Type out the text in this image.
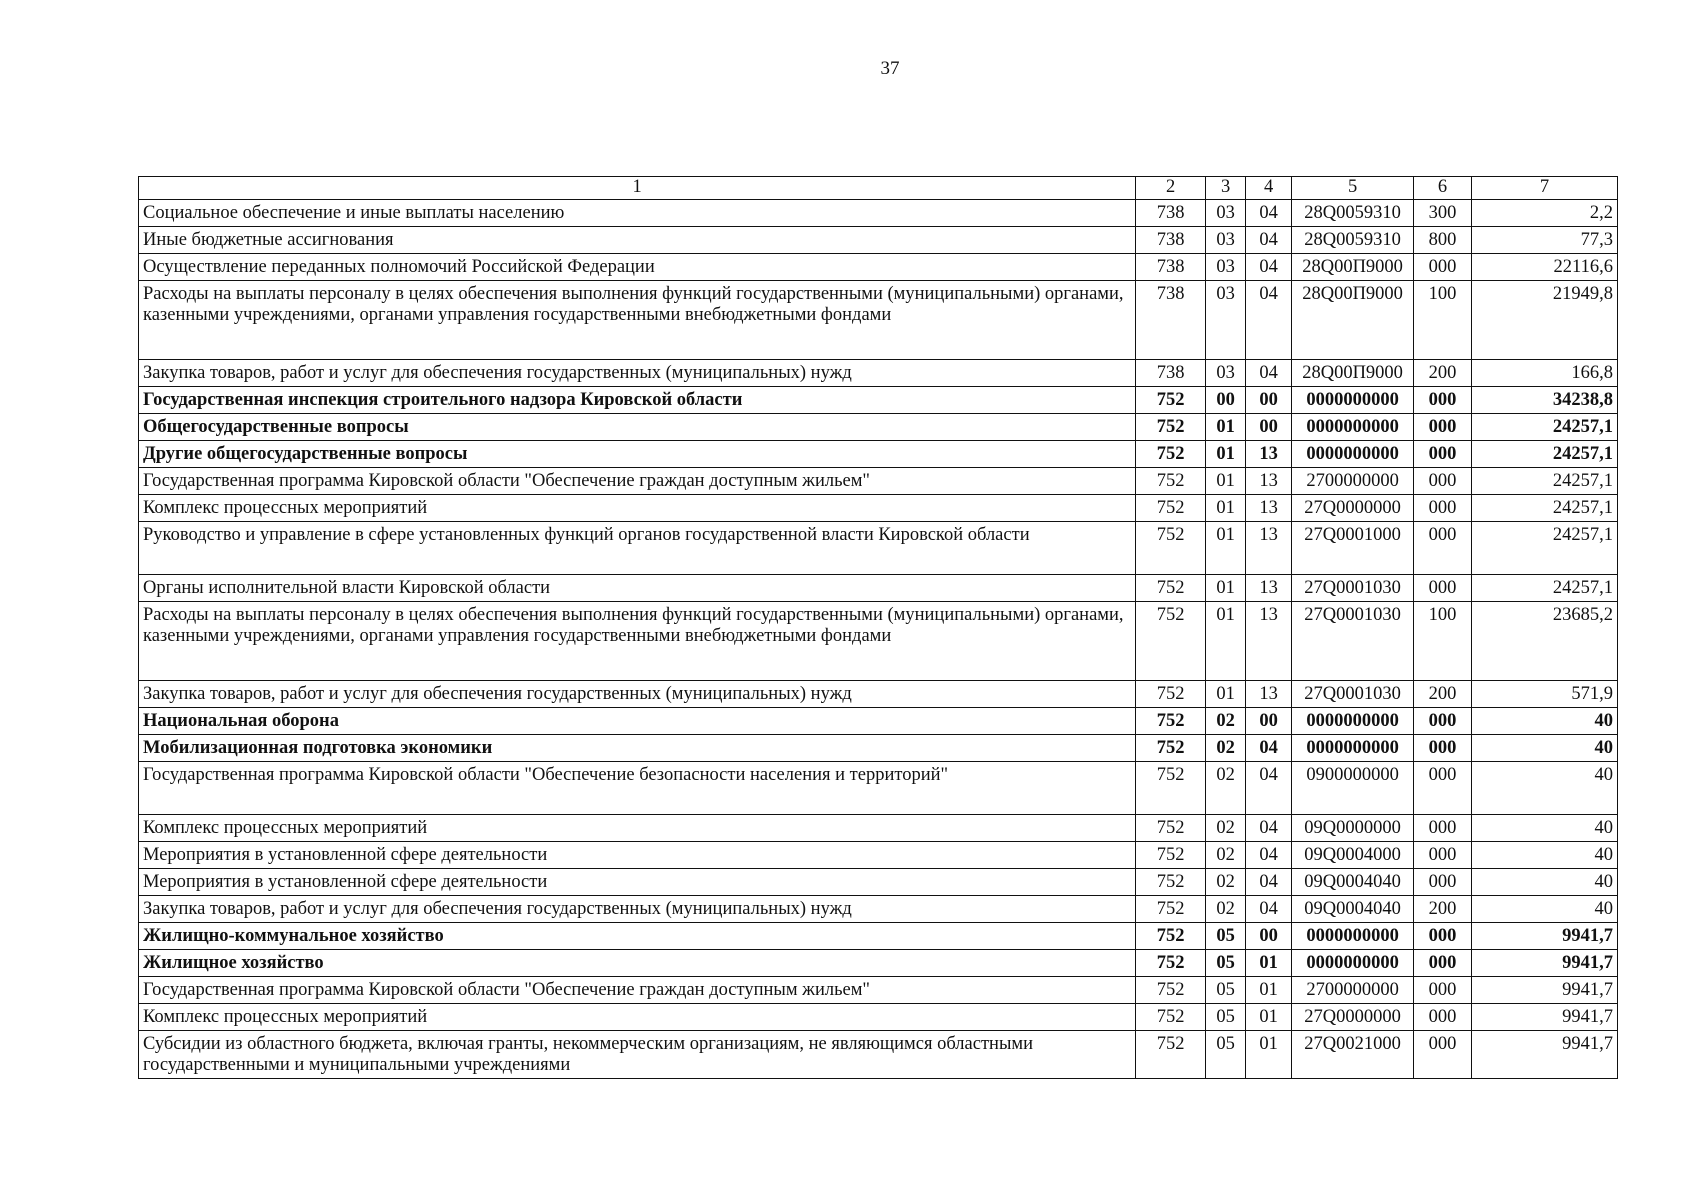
37
1	2	3	4	5	6	7
Социальное обеспечение и иные выплаты населению	738	03	04	28Q0059310	300	2,2
Иные бюджетные ассигнования	738	03	04	28Q0059310	800	77,3
Осуществление переданных полномочий Российской Федерации	738	03	04	28Q00П9000	000	22116,6
Расходы на выплаты персоналу в целях обеспечения выполнения функций государственными (муниципальными) органами, казенными учреждениями, органами управления государственными внебюджетными фондами	738	03	04	28Q00П9000	100	21949,8
Закупка товаров, работ и услуг для обеспечения государственных (муниципальных) нужд	738	03	04	28Q00П9000	200	166,8
Государственная инспекция строительного надзора Кировской области	752	00	00	0000000000	000	34238,8
Общегосударственные вопросы	752	01	00	0000000000	000	24257,1
Другие общегосударственные вопросы	752	01	13	0000000000	000	24257,1
Государственная программа Кировской области "Обеспечение граждан доступным жильем"	752	01	13	2700000000	000	24257,1
Комплекс процессных мероприятий	752	01	13	27Q0000000	000	24257,1
Руководство и управление в сфере установленных функций органов государственной власти Кировской области	752	01	13	27Q0001000	000	24257,1
Органы исполнительной власти Кировской области	752	01	13	27Q0001030	000	24257,1
Расходы на выплаты персоналу в целях обеспечения выполнения функций государственными (муниципальными) органами, казенными учреждениями, органами управления государственными внебюджетными фондами	752	01	13	27Q0001030	100	23685,2
Закупка товаров, работ и услуг для обеспечения государственных (муниципальных) нужд	752	01	13	27Q0001030	200	571,9
Национальная оборона	752	02	00	0000000000	000	40
Мобилизационная подготовка экономики	752	02	04	0000000000	000	40
Государственная программа Кировской области "Обеспечение безопасности населения и территорий"	752	02	04	0900000000	000	40
Комплекс процессных мероприятий	752	02	04	09Q0000000	000	40
Мероприятия в установленной сфере деятельности	752	02	04	09Q0004000	000	40
Мероприятия в установленной сфере деятельности	752	02	04	09Q0004040	000	40
Закупка товаров, работ и услуг для обеспечения государственных (муниципальных) нужд	752	02	04	09Q0004040	200	40
Жилищно-коммунальное хозяйство	752	05	00	0000000000	000	9941,7
Жилищное хозяйство	752	05	01	0000000000	000	9941,7
Государственная программа Кировской области "Обеспечение граждан доступным жильем"	752	05	01	2700000000	000	9941,7
Комплекс процессных мероприятий	752	05	01	27Q0000000	000	9941,7
Субсидии из областного бюджета, включая гранты, некоммерческим организациям, не являющимся областными государственными и муниципальными учреждениями	752	05	01	27Q0021000	000	9941,7
